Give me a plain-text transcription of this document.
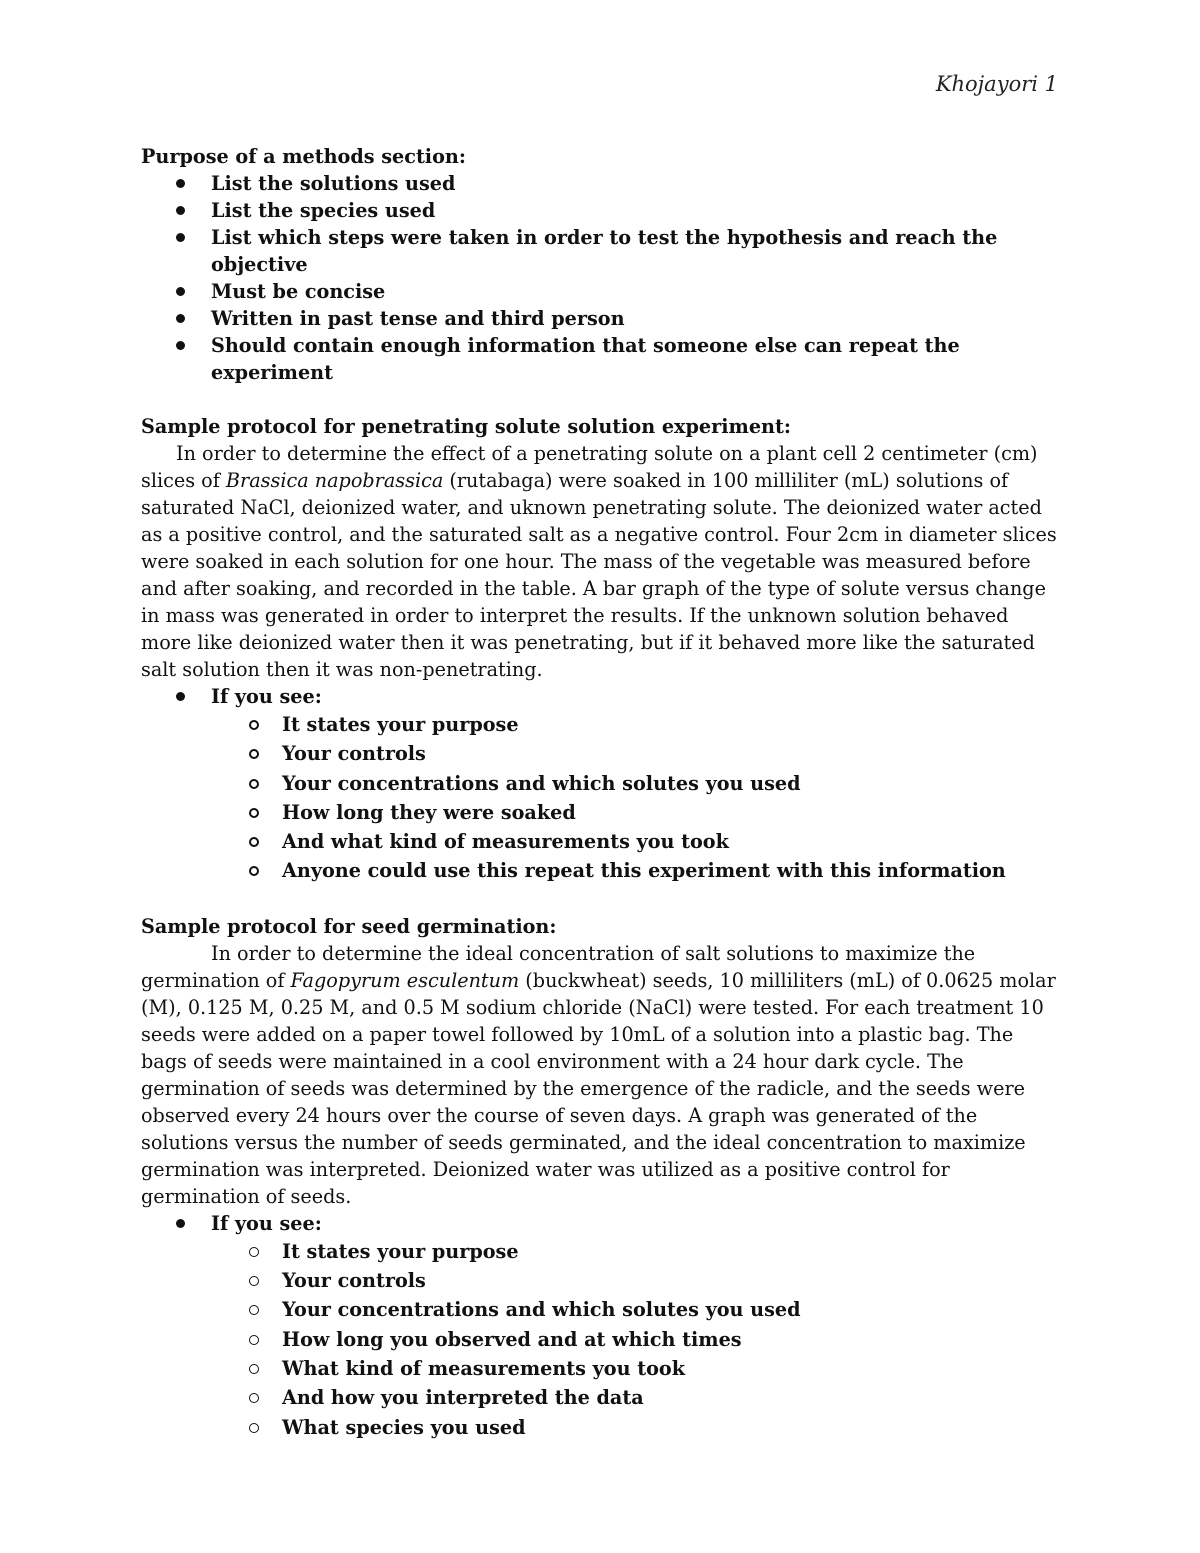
Khojayori 1

Purpose of a methods section:

List the solutions used
List the species used
List which steps were taken in order to test the hypothesis and reach the objective
Must be concise
Written in past tense and third person
Should contain enough information that someone else can repeat the experiment

Sample protocol for penetrating solute solution experiment:

In order to determine the effect of a penetrating solute on a plant cell 2 centimeter (cm) slices of Brassica napobrassica (rutabaga) were soaked in 100 milliliter (mL) solutions of saturated NaCl, deionized water, and uknown penetrating solute. The deionized water acted as a positive control, and the saturated salt as a negative control. Four 2cm in diameter slices were soaked in each solution for one hour. The mass of the vegetable was measured before and after soaking, and recorded in the table. A bar graph of the type of solute versus change in mass was generated in order to interpret the results. If the unknown solution behaved more like deionized water then it was penetrating, but if it behaved more like the saturated salt solution then it was non-penetrating.

If you see:
It states your purpose
Your controls
Your concentrations and which solutes you used
How long they were soaked
And what kind of measurements you took
Anyone could use this repeat this experiment with this information

Sample protocol for seed germination:

In order to determine the ideal concentration of salt solutions to maximize the germination of Fagopyrum esculentum (buckwheat) seeds, 10 milliliters (mL) of 0.0625 molar (M), 0.125 M, 0.25 M, and 0.5 M sodium chloride (NaCl) were tested. For each treatment 10 seeds were added on a paper towel followed by 10mL of a solution into a plastic bag. The bags of seeds were maintained in a cool environment with a 24 hour dark cycle. The germination of seeds was determined by the emergence of the radicle, and the seeds were observed every 24 hours over the course of seven days. A graph was generated of the solutions versus the number of seeds germinated, and the ideal concentration to maximize germination was interpreted. Deionized water was utilized as a positive control for germination of seeds.

If you see:
It states your purpose
Your controls
Your concentrations and which solutes you used
How long you observed and at which times
What kind of measurements you took
And how you interpreted the data
What species you used
